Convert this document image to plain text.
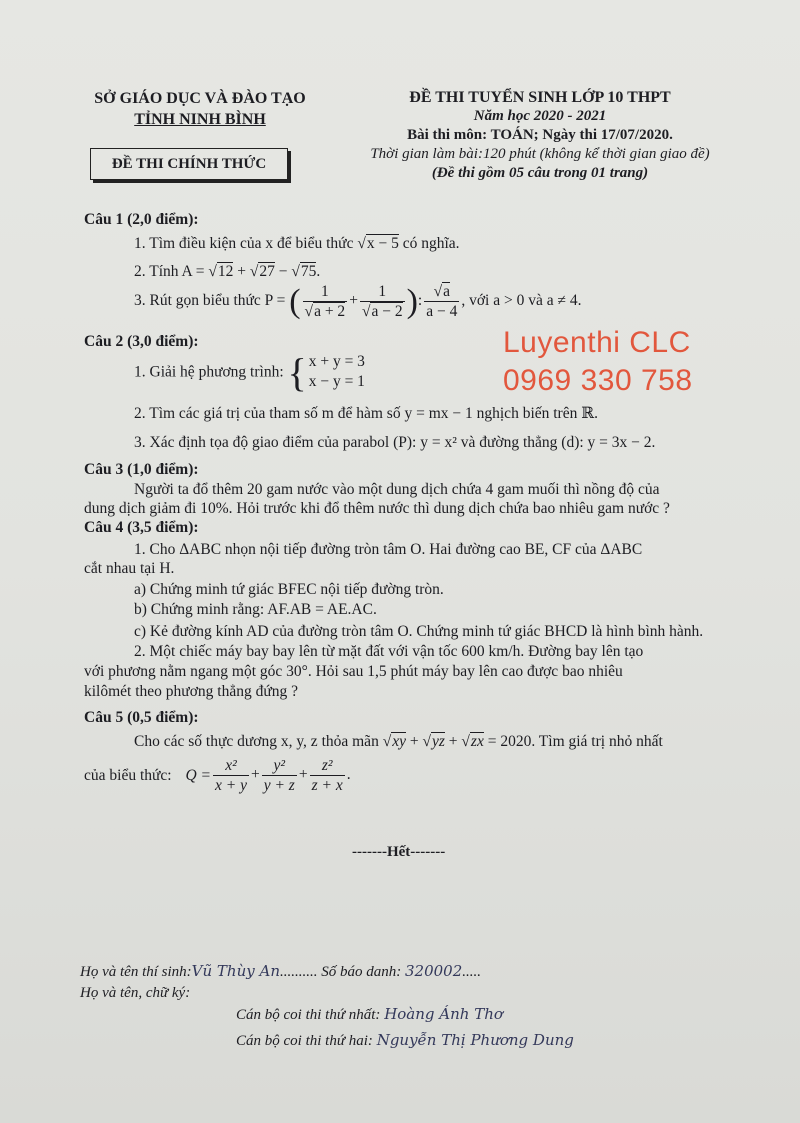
SỞ GIÁO DỤC VÀ ĐÀO TẠO
TỈNH NINH BÌNH
ĐỀ THI CHÍNH THỨC
ĐỀ THI TUYỂN SINH LỚP 10 THPT
Năm học 2020 - 2021
Bài thi môn: TOÁN; Ngày thi 17/07/2020.
Thời gian làm bài:120 phút (không kể thời gian giao đề)
(Đề thi gồm 05 câu trong 01 trang)
Luyenthi CLC
0969 330 758
Câu 1 (2,0 điểm):
1. Tìm điều kiện của x để biểu thức √x − 5 có nghĩa.
2. Tính A = √12 + √27 − √75.
3. Rút gọn biểu thức P = ( $\frac{1}{√a + 2} + \frac{1}{√a - 2}$ ): $\frac{√a}{a - 4}$ , với a > 0 và a ≠ 4.
Câu 2 (3,0 điểm):
1. Giải hệ phương trình: { x + y = 3
x − y = 1
2. Tìm các giá trị của tham số m để hàm số y = mx − 1 nghịch biến trên ℝ.
3. Xác định tọa độ giao điểm của parabol (P): y = x² và đường thẳng (d): y = 3x − 2.
Câu 3 (1,0 điểm):
Người ta đổ thêm 20 gam nước vào một dung dịch chứa 4 gam muối thì nồng độ của
dung dịch giảm đi 10%. Hỏi trước khi đổ thêm nước thì dung dịch chứa bao nhiêu gam nước ?
Câu 4 (3,5 điểm):
1. Cho ΔABC nhọn nội tiếp đường tròn tâm O. Hai đường cao BE, CF của ΔABC
cắt nhau tại H.
a) Chứng minh tứ giác BFEC nội tiếp đường tròn.
b) Chứng minh rằng: AF.AB = AE.AC.
c) Kẻ đường kính AD của đường tròn tâm O. Chứng minh tứ giác BHCD là hình bình hành.
2. Một chiếc máy bay bay lên từ mặt đất với vận tốc 600 km/h. Đường bay lên tạo
với phương nằm ngang một góc 30°. Hỏi sau 1,5 phút máy bay lên cao được bao nhiêu
kilômét theo phương thẳng đứng ?
Câu 5 (0,5 điểm):
Cho các số thực dương x, y, z thỏa mãn √xy + √yz + √zx = 2020. Tìm giá trị nhỏ nhất
của biểu thức: $Q = \frac{\text{x²}}{x + y} + \frac{\text{y²}}{y + z} + \frac{\text{z²}}{z + x}$ .
-------Hết-------
Họ và tên thí sinh:Vũ Thùy An.......... Số báo danh: 320002.....
Họ và tên, chữ ký:
Cán bộ coi thi thứ nhất: Hoàng Ánh Thơ
Cán bộ coi thi thứ hai: Nguyễn Thị Phương Dung
